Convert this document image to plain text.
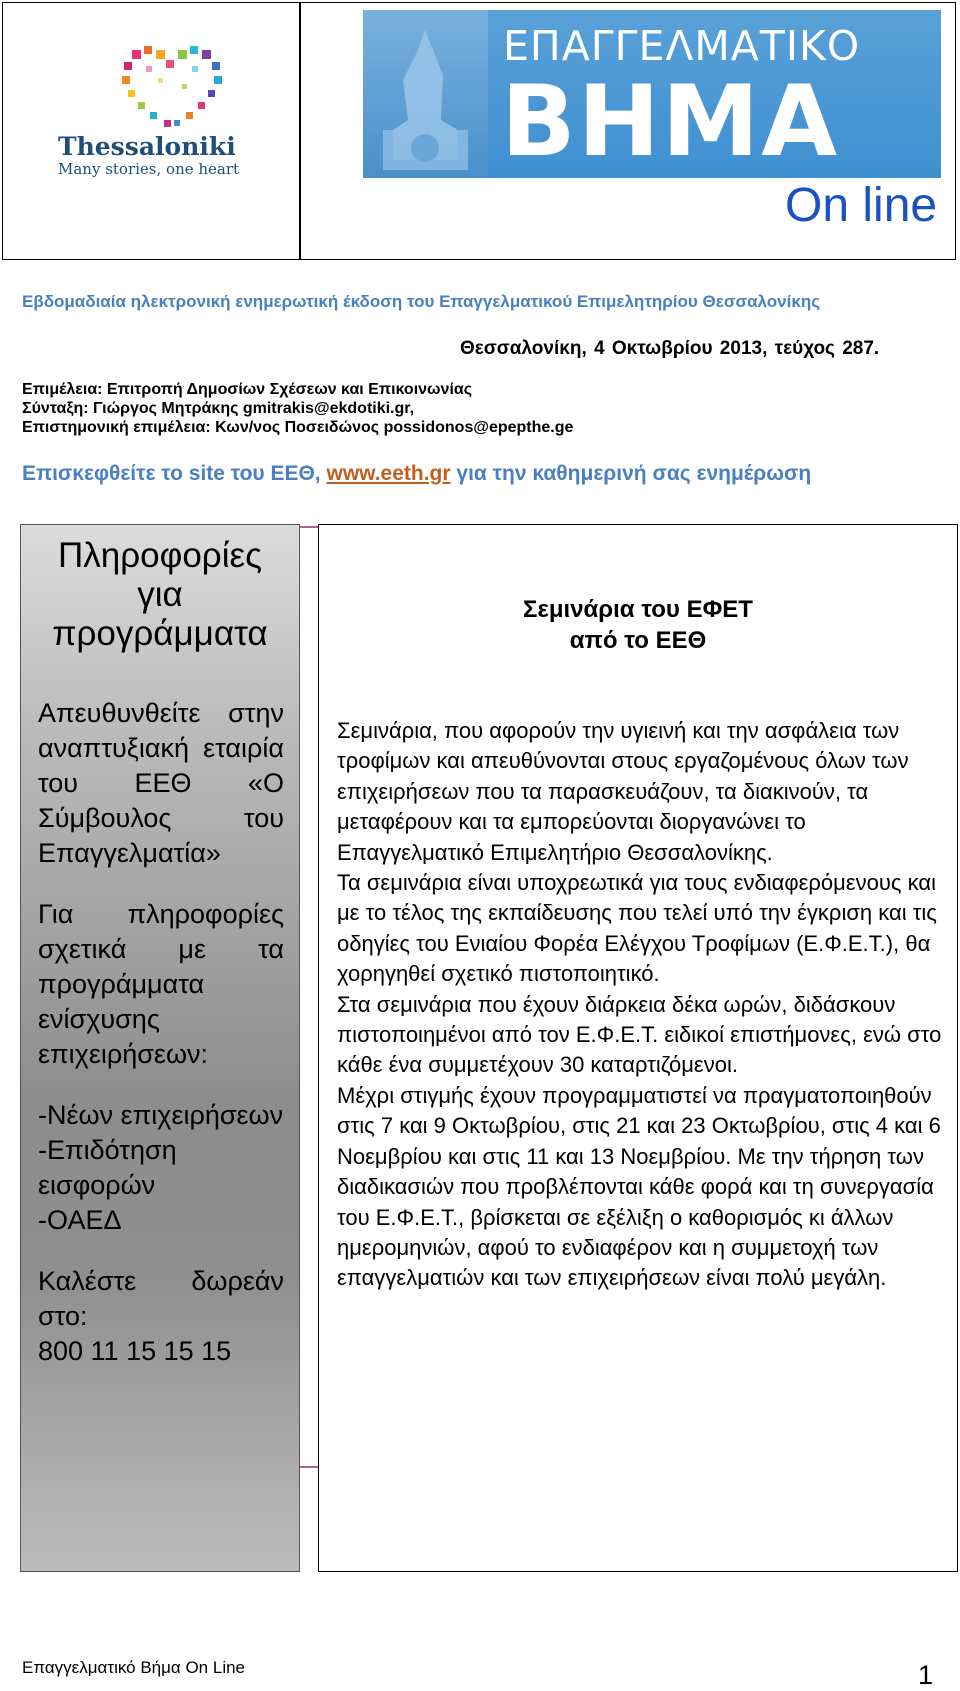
Thessaloniki
Many stories, one heart
ΕΠΑΓΓΕΛΜΑΤΙΚΟ
ΒΗΜΑ
On line
Εβδομαδιαία ηλεκτρονική ενημερωτική έκδοση του Επαγγελματικού Επιμελητηρίου Θεσσαλονίκης
Θεσσαλονίκη, 4 Οκτωβρίου 2013, τεύχος 287.
Επιμέλεια: Επιτροπή Δημοσίων Σχέσεων και Επικοινωνίας
Σύνταξη: Γιώργος Μητράκης gmitrakis@ekdotiki.gr,
Επιστημονική επιμέλεια: Κων/νος Ποσειδώνος possidonos@epepthe.ge
Επισκεφθείτε το site του ΕΕΘ, www.eeth.gr για την καθημερινή σας ενημέρωση
Πληροφορίες
για
προγράμματα

Απευθυνθείτε στην αναπτυξιακή εταιρία του ΕΕΘ «Ο Σύμβουλος του Επαγγελματία»

Για πληροφορίες σχετικά με τα προγράμματα ενίσχυσης επιχειρήσεων:

-Νέων επιχειρήσεων

-Επιδότηση εισφορών

-ΟΑΕΔ

Καλέστε δωρεάν στο:

800 11 15 15 15

Σεμινάρια του ΕΦΕΤ
από το ΕΕΘ

Σεμινάρια, που αφορούν την υγιεινή και την ασφάλεια των τροφίμων και απευθύνονται στους εργαζομένους όλων των επιχειρήσεων που τα παρασκευάζουν, τα διακινούν, τα μεταφέρουν και τα εμπορεύονται διοργανώνει το Επαγγελματικό Επιμελητήριο Θεσσαλονίκης.

Τα σεμινάρια είναι υποχρεωτικά για τους ενδιαφερόμενους και με το τέλος της εκπαίδευσης που τελεί υπό την έγκριση και τις οδηγίες του Ενιαίου Φορέα Ελέγχου Τροφίμων (Ε.Φ.Ε.Τ.), θα χορηγηθεί σχετικό πιστοποιητικό.

Στα σεμινάρια που έχουν διάρκεια δέκα ωρών, διδάσκουν πιστοποιημένοι από τον Ε.Φ.Ε.Τ. ειδικοί επιστήμονες, ενώ στο κάθε ένα συμμετέχουν 30 καταρτιζόμενοι.

Μέχρι στιγμής έχουν προγραμματιστεί να πραγματοποιηθούν στις 7 και 9 Οκτωβρίου, στις 21 και 23 Οκτωβρίου, στις 4 και 6 Νοεμβρίου και στις 11 και 13 Νοεμβρίου. Με την τήρηση των διαδικασιών που προβλέπονται κάθε φορά και τη συνεργασία του Ε.Φ.Ε.Τ., βρίσκεται σε εξέλιξη ο καθορισμός κι άλλων ημερομηνιών, αφού το ενδιαφέρον και η συμμετοχή των επαγγελματιών και των επιχειρήσεων είναι πολύ μεγάλη.

Επαγγελματικό Βήμα On Line	1
